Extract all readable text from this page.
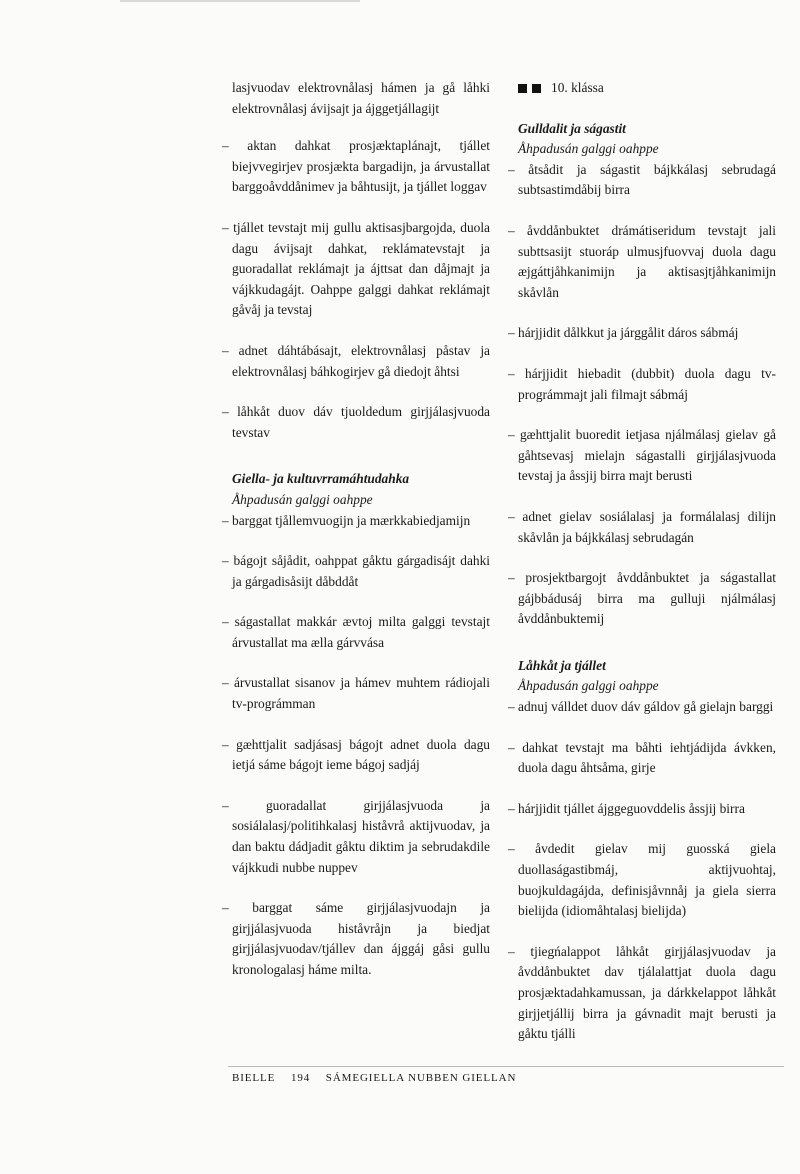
lasjvuodav elektrovnålasj hámen ja gå låhki elektrovnålasj ávijsajt ja ájggetjállagijt

– aktan dahkat prosjæktaplánajt, tjállet biejvvegirjev prosjækta bargadijn, ja árvustallat barggoåvddånimev ja båhtusijt, ja tjállet loggav

– tjállet tevstajt mij gullu aktisasjbargojda, duola dagu ávijsajt dahkat, reklámatevstajt ja guoradallat reklámajt ja ájttsat dan dåjmajt ja vájkkudagájt. Oahppe galggi dahkat reklámajt gåvåj ja tevstaj

– adnet dáhtábásajt, elektrovnålasj påstav ja elektrovnålasj báhkogirjev gå diedojt åhtsi

– låhkåt duov dáv tjuoldedum girjjálasjvuoda tevstav

Giella- ja kultuvrramáhtudahka
Åhpadusán galggi oahppe

– barggat tjållemvuogijn ja mærkkabiedjamijn

– bágojt såjådit, oahppat gåktu gárgadisájt dahki ja gárgadisåsijt dåbddåt

– ságastallat makkár ævtoj milta galggi tevstajt árvustallat ma ælla gárvvása

– árvustallat sisanov ja hámev muhtem rádiojali tv-prográmman

– gæhttjalit sadjásasj bágojt adnet duola dagu ietjá sáme bágojt ieme bágoj sadjáj

– guoradallat girjjálasjvuoda ja sosiálalasj/politihkalasj histåvrå aktijvuodav, ja dan baktu dádjadit gåktu diktim ja sebrudakdile vájkkudi nubbe nuppev

– barggat sáme girjjálasjvuodajn ja girjjálasjvuoda histåvråjn ja biedjat girjjálasjvuodav/tjállev dan ájggáj gåsi gullu kronologalasj háme milta.

10. klássa
Gulldalit ja ságastit
Åhpadusán galggi oahppe

– åtsådit ja ságastit bájkkálasj sebrudagá subtsastimdåbij birra

– åvddånbuktet drámátiseridum tevstajt jali subttsasijt stuoráp ulmusjfuovvaj duola dagu æjgáttjåhkanimijn ja aktisasjtjåhkanimijn skåvlån

– hárjjidit dålkkut ja járggålit dáros sábmáj

– hárjjidit hiebadit (dubbit) duola dagu tv-prográmmajt jali filmajt sábmáj

– gæhttjalit buoredit ietjasa njálmálasj gielav gå gåhtsevasj mielajn ságastalli girjjálasjvuoda tevstaj ja åssjij birra majt berusti

– adnet gielav sosiálalasj ja formálalasj dilijn skåvlån ja bájkkálasj sebrudagán

– prosjektbargojt åvddånbuktet ja ságastallat gájbbádusáj birra ma gulluji njálmálasj åvddånbuktemij

Låhkåt ja tjállet
Åhpadusán galggi oahppe

– adnuj válldet duov dáv gáldov gå gielajn barggi

– dahkat tevstajt ma båhti iehtjádijda ávkken, duola dagu åhtsåma, girje

– hárjjidit tjállet ájggeguovddelis åssjij birra

– åvdedit gielav mij guosská giela duollaságastibmáj, aktijvuohtaj, buojkuldagájda, definisjåvnnåj ja giela sierra bielijda (idiomåhtalasj bielijda)

– tjiegńalappot låhkåt girjjálasjvuodav ja åvddånbuktet dav tjálalattjat duola dagu prosjæktadahkamussan, ja dárkkelappot låhkåt girjjetjállij birra ja gávnadit majt berusti ja gåktu tjálli

BIELLE 194 SÁMEGIELLA NUBBEN GIELLAN
